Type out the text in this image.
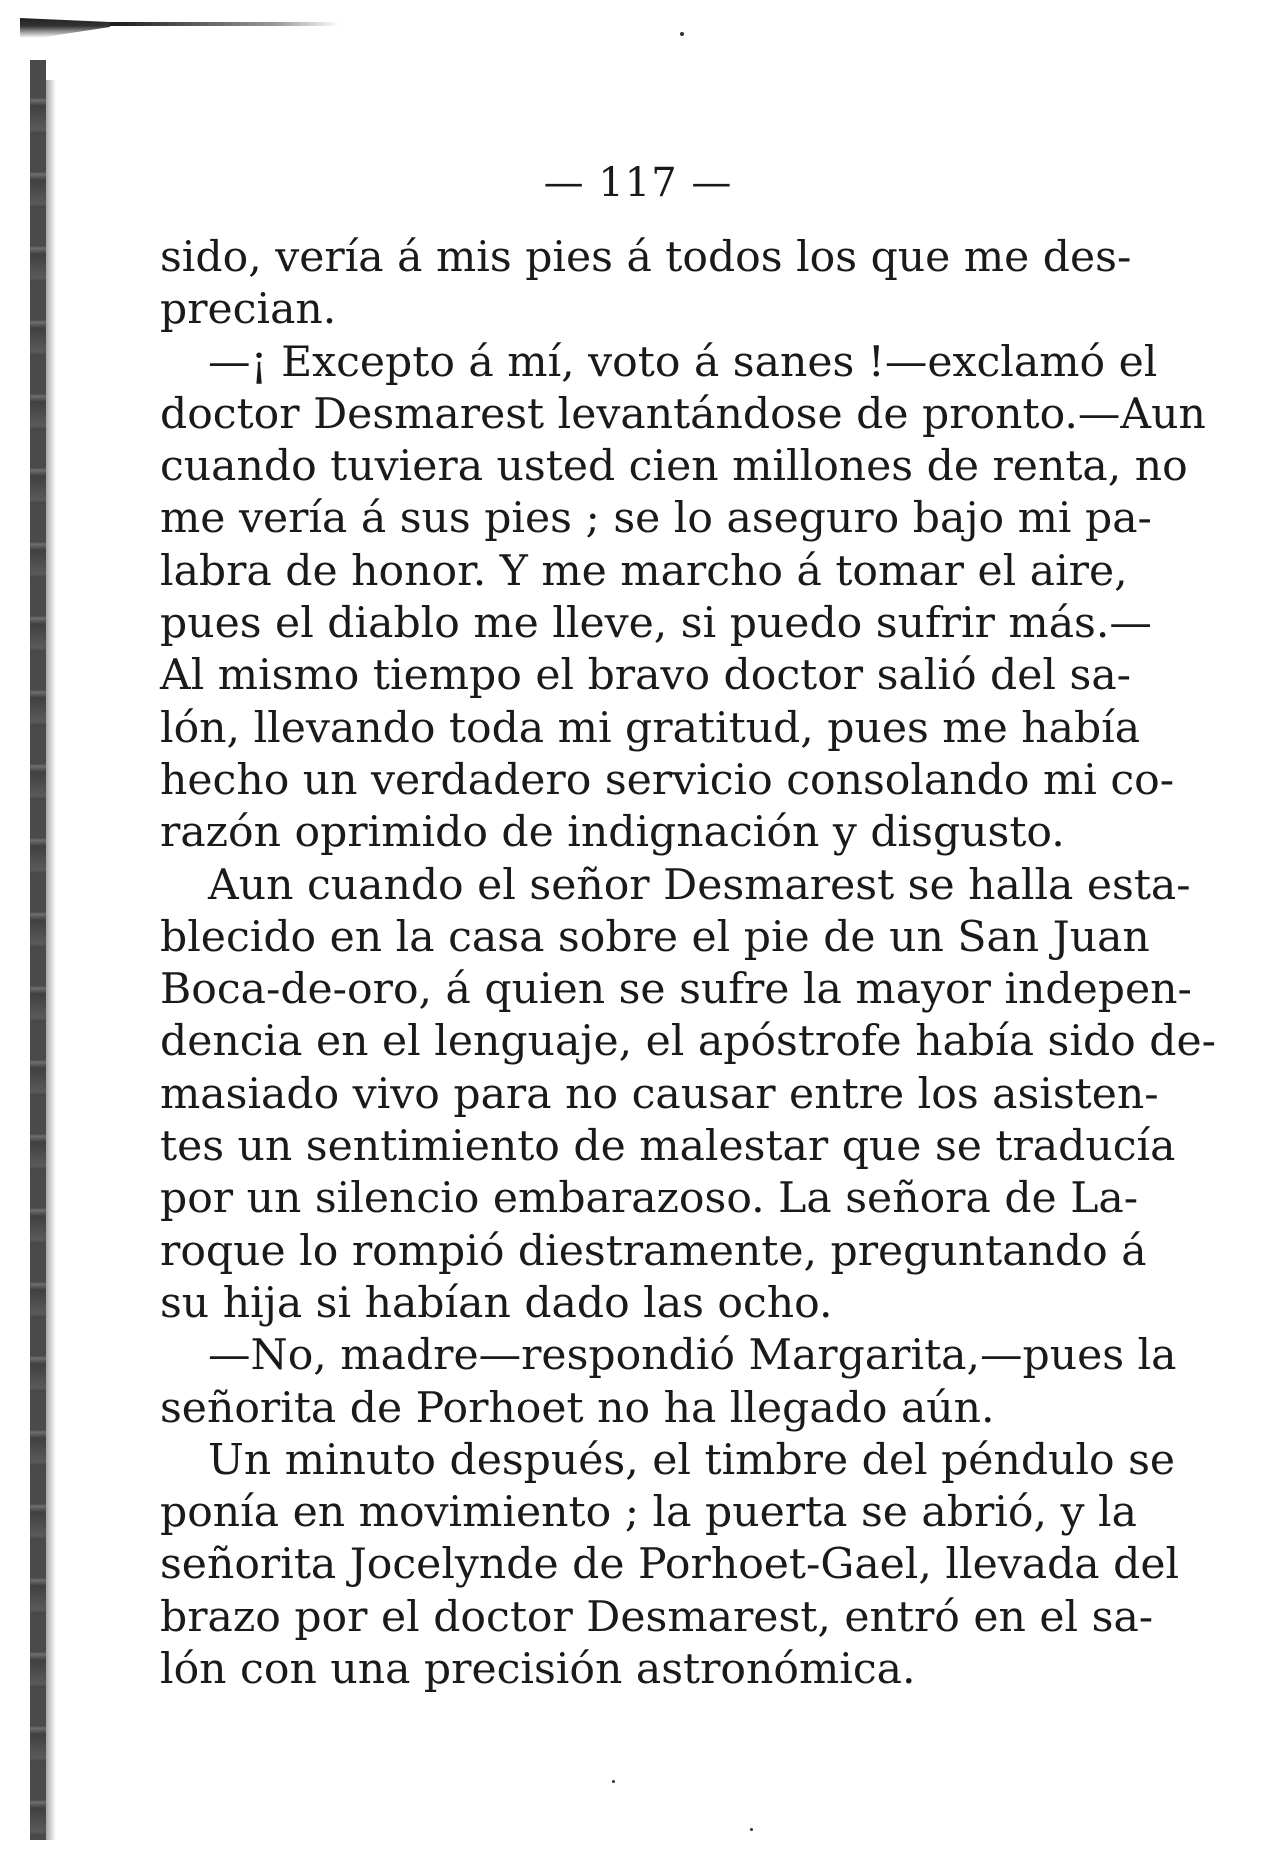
— 117 —
sido, vería á mis pies á todos los que me des-
precian.
—¡ Excepto á mí, voto á sanes !—exclamó el
doctor Desmarest levantándose de pronto.—Aun
cuando tuviera usted cien millones de renta, no
me vería á sus pies ; se lo aseguro bajo mi pa-
labra de honor. Y me marcho á tomar el aire,
pues el diablo me lleve, si puedo sufrir más.—
Al mismo tiempo el bravo doctor salió del sa-
lón, llevando toda mi gratitud, pues me había
hecho un verdadero servicio consolando mi co-
razón oprimido de indignación y disgusto.
Aun cuando el señor Desmarest se halla esta-
blecido en la casa sobre el pie de un San Juan
Boca-de-oro, á quien se sufre la mayor indepen-
dencia en el lenguaje, el apóstrofe había sido de-
masiado vivo para no causar entre los asisten-
tes un sentimiento de malestar que se traducía
por un silencio embarazoso. La señora de La-
roque lo rompió diestramente, preguntando á
su hija si habían dado las ocho.
—No, madre—respondió Margarita,—pues la
señorita de Porhoet no ha llegado aún.
Un minuto después, el timbre del péndulo se
ponía en movimiento ; la puerta se abrió, y la
señorita Jocelynde de Porhoet-Gael, llevada del
brazo por el doctor Desmarest, entró en el sa-
lón con una precisión astronómica.
